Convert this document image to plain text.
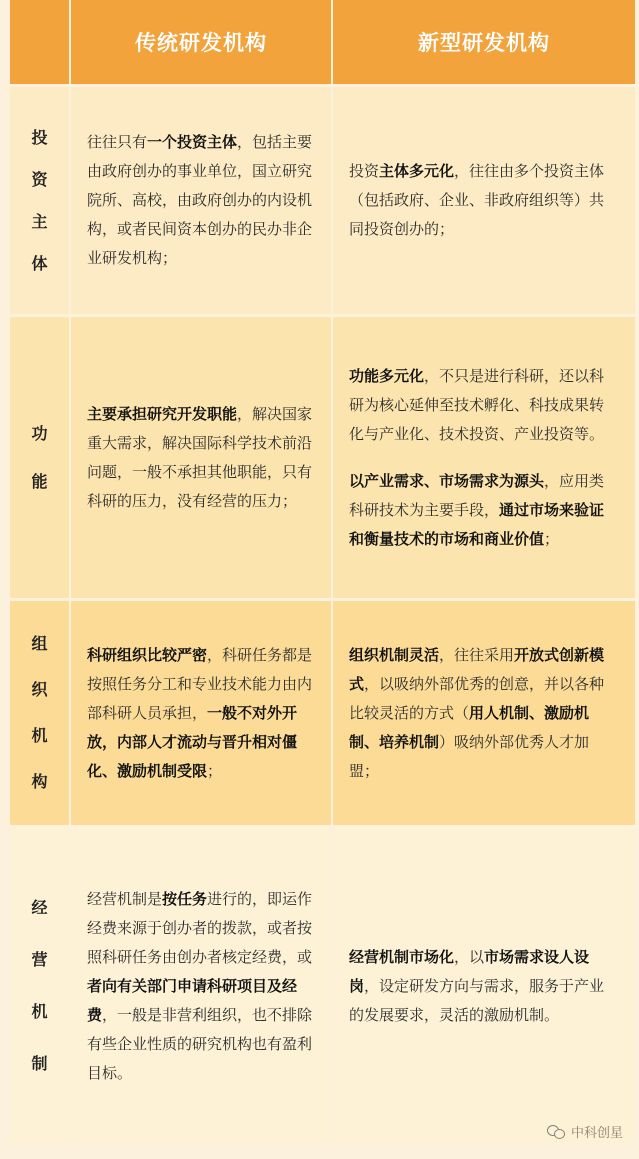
传统研发机构	新型研发机构
投
资
主
体

往往只有一个投资主体，包括主要由政府创办的事业单位，国立研究院所、高校，由政府创办的内设机构，或者民间资本创办的民办非企业研发机构；

投资主体多元化，往往由多个投资主体（包括政府、企业、非政府组织等）共同投资创办的；

功
能

主要承担研究开发职能，解决国家重大需求，解决国际科学技术前沿问题，一般不承担其他职能，只有科研的压力，没有经营的压力；

功能多元化，不只是进行科研，还以科研为核心延伸至技术孵化、科技成果转化与产业化、技术投资、产业投资等。

以产业需求、市场需求为源头，应用类科研技术为主要手段，通过市场来验证和衡量技术的市场和商业价值；

组
织
机
构

科研组织比较严密，科研任务都是按照任务分工和专业技术能力由内部科研人员承担，一般不对外开放，内部人才流动与晋升相对僵化、激励机制受限；

组织机制灵活，往往采用开放式创新模式，以吸纳外部优秀的创意，并以各种比较灵活的方式（用人机制、激励机制、培养机制）吸纳外部优秀人才加盟；

经
营
机
制

经营机制是按任务进行的，即运作经费来源于创办者的拨款，或者按照科研任务由创办者核定经费，或者向有关部门申请科研项目及经费，一般是非营利组织，也不排除有些企业性质的研究机构也有盈利目标。

经营机制市场化，以市场需求设人设岗，设定研发方向与需求，服务于产业的发展要求，灵活的激励机制。

中科创星
